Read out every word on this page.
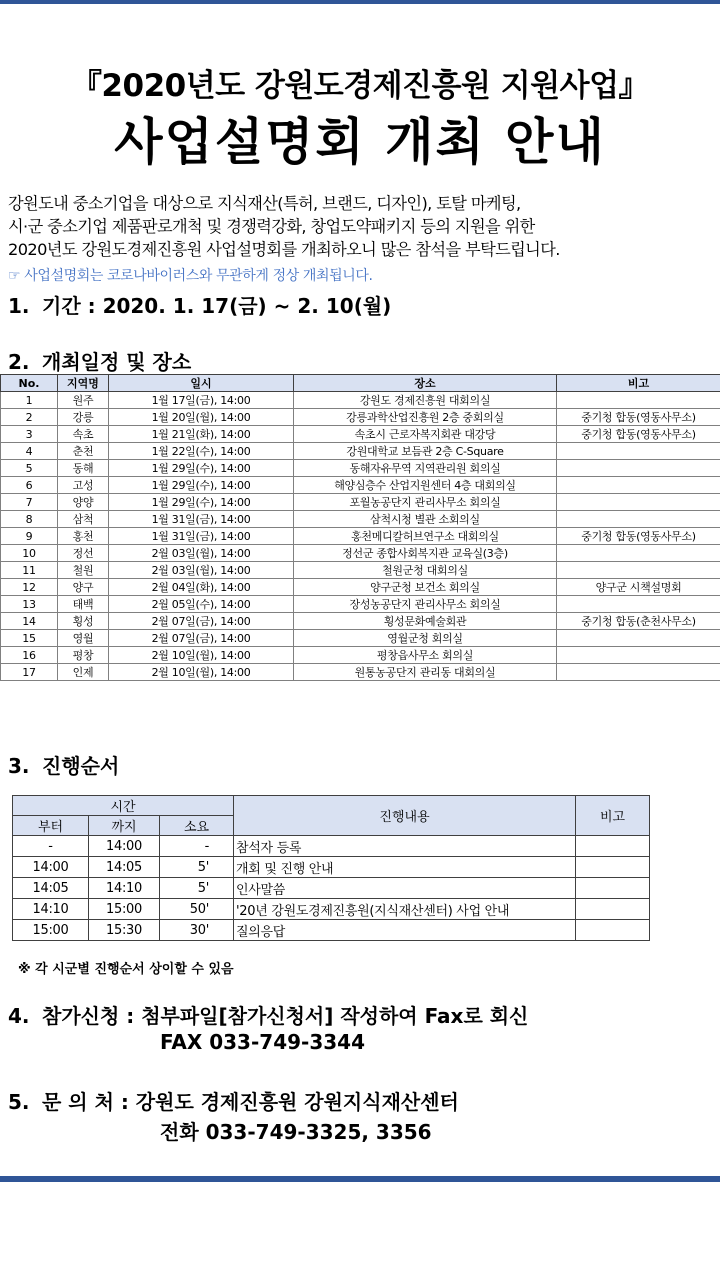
『2020년도 강원도경제진흥원 지원사업』
사업설명회 개최 안내
강원도내 중소기업을 대상으로 지식재산(특허, 브랜드, 디자인), 토탈 마케팅,
시·군 중소기업 제품판로개척 및 경쟁력강화, 창업도약패키지 등의 지원을 위한
2020년도 강원도경제진흥원 사업설명회를 개최하오니 많은 참석을 부탁드립니다.
☞ 사업설명회는 코로나바이러스와 무관하게 정상 개최됩니다.
1. 기간 : 2020. 1. 17(금) ~ 2. 10(월)
2. 개최일정 및 장소
No.	지역명	일시	장소	비고
1	원주	1월 17일(금), 14:00	강원도 경제진흥원 대회의실	
2	강릉	1월 20일(월), 14:00	강릉과학산업진흥원 2층 중회의실	중기청 합동(영동사무소)
3	속초	1월 21일(화), 14:00	속초시 근로자복지회관 대강당	중기청 합동(영동사무소)
4	춘천	1월 22일(수), 14:00	강원대학교 보듬관 2층 C-Square	
5	동해	1월 29일(수), 14:00	동해자유무역 지역관리원 회의실	
6	고성	1월 29일(수), 14:00	해양심층수 산업지원센터 4층 대회의실	
7	양양	1월 29일(수), 14:00	포월농공단지 관리사무소 회의실	
8	삼척	1월 31일(금), 14:00	삼척시청 별관 소회의실	
9	홍천	1월 31일(금), 14:00	홍천메디칼허브연구소 대회의실	중기청 합동(영동사무소)
10	정선	2월 03일(월), 14:00	정선군 종합사회복지관 교육실(3층)	
11	철원	2월 03일(월), 14:00	철원군청 대회의실	
12	양구	2월 04일(화), 14:00	양구군청 보건소 회의실	양구군 시책설명회
13	태백	2월 05일(수), 14:00	장성농공단지 관리사무소 회의실	
14	횡성	2월 07일(금), 14:00	횡성문화예술회관	중기청 합동(춘천사무소)
15	영월	2월 07일(금), 14:00	영월군청 회의실	
16	평창	2월 10일(월), 14:00	평창읍사무소 회의실	
17	인제	2월 10일(월), 14:00	원통농공단지 관리동 대회의실	
3. 진행순서
시간			진행내용	비고
부터	까지	소요		
-	14:00	-	참석자 등록	
14:00	14:05	5'	개회 및 진행 안내	
14:05	14:10	5'	인사말씀	
14:10	15:00	50'	'20년 강원도경제진흥원(지식재산센터) 사업 안내	
15:00	15:30	30'	질의응답	
※ 각 시군별 진행순서 상이할 수 있음
4. 참가신청 : 첨부파일[참가신청서] 작성하여 Fax로 회신
FAX 033-749-3344
5. 문 의 처 : 강원도 경제진흥원 강원지식재산센터
전화 033-749-3325, 3356
